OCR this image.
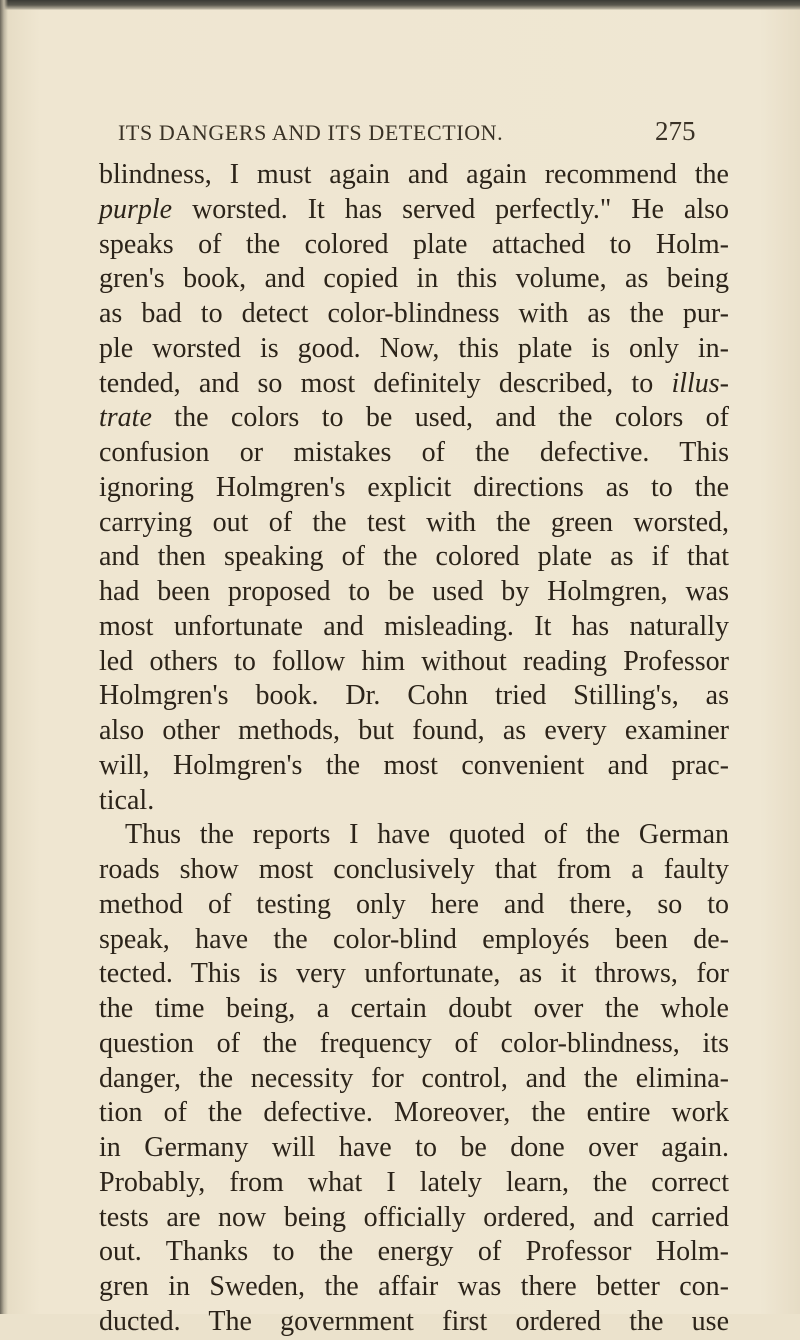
ITS DANGERS AND ITS DETECTION.	275
blindness, I must again and again recommend the
purple worsted. It has served perfectly." He also
speaks of the colored plate attached to Holm-
gren's book, and copied in this volume, as being
as bad to detect color-blindness with as the pur-
ple worsted is good. Now, this plate is only in-
tended, and so most definitely described, to illus-
trate the colors to be used, and the colors of
confusion or mistakes of the defective. This
ignoring Holmgren's explicit directions as to the
carrying out of the test with the green worsted,
and then speaking of the colored plate as if that
had been proposed to be used by Holmgren, was
most unfortunate and misleading. It has naturally
led others to follow him without reading Professor
Holmgren's book. Dr. Cohn tried Stilling's, as
also other methods, but found, as every examiner
will, Holmgren's the most convenient and prac-
tical.
Thus the reports I have quoted of the German
roads show most conclusively that from a faulty
method of testing only here and there, so to
speak, have the color-blind employés been de-
tected. This is very unfortunate, as it throws, for
the time being, a certain doubt over the whole
question of the frequency of color-blindness, its
danger, the necessity for control, and the elimina-
tion of the defective. Moreover, the entire work
in Germany will have to be done over again.
Probably, from what I lately learn, the correct
tests are now being officially ordered, and carried
out. Thanks to the energy of Professor Holm-
gren in Sweden, the affair was there better con-
ducted. The government first ordered the use
